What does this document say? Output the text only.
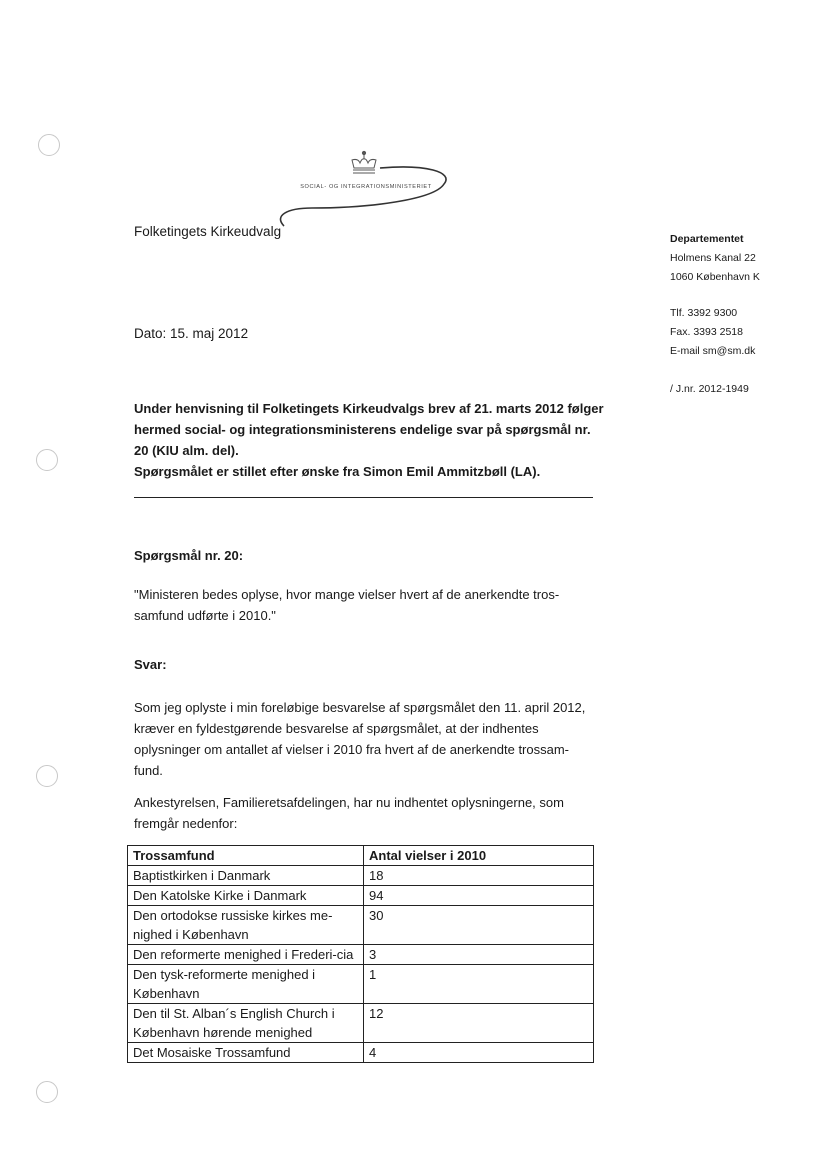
SOCIAL- OG INTEGRATIONSMINISTERIET
Folketingets Kirkeudvalg	Departementet
Holmens Kanal 22
1060 København K
Tlf. 3392 9300
Fax. 3393 2518
E-mail sm@sm.dk
/ J.nr. 2012-1949
Dato: 15. maj 2012
Under henvisning til Folketingets Kirkeudvalgs brev af 21. marts 2012 følger hermed social- og integrationsministerens endelige svar på spørgsmål nr. 20 (KIU alm. del).
Spørgsmålet er stillet efter ønske fra Simon Emil Ammitzbøll (LA).
Spørgsmål nr. 20:
"Ministeren bedes oplyse, hvor mange vielser hvert af de anerkendte tros-samfund udførte i 2010."
Svar:
Som jeg oplyste i min foreløbige besvarelse af spørgsmålet den 11. april 2012, kræver en fyldestgørende besvarelse af spørgsmålet, at der indhentes oplysninger om antallet af vielser i 2010 fra hvert af de anerkendte trossam-fund.
Ankestyrelsen, Familieretsafdelingen, har nu indhentet oplysningerne, som fremgår nedenfor:
Trossamfund	Antal vielser i 2010
Baptistkirken i Danmark	18
Den Katolske Kirke i Danmark	94
Den ortodokse russiske kirkes me-nighed i København	30
Den reformerte menighed i Frederi-cia	3
Den tysk-reformerte menighed i København	1
Den til St. Alban´s English Church i København hørende menighed	12
Det Mosaiske Trossamfund	4
